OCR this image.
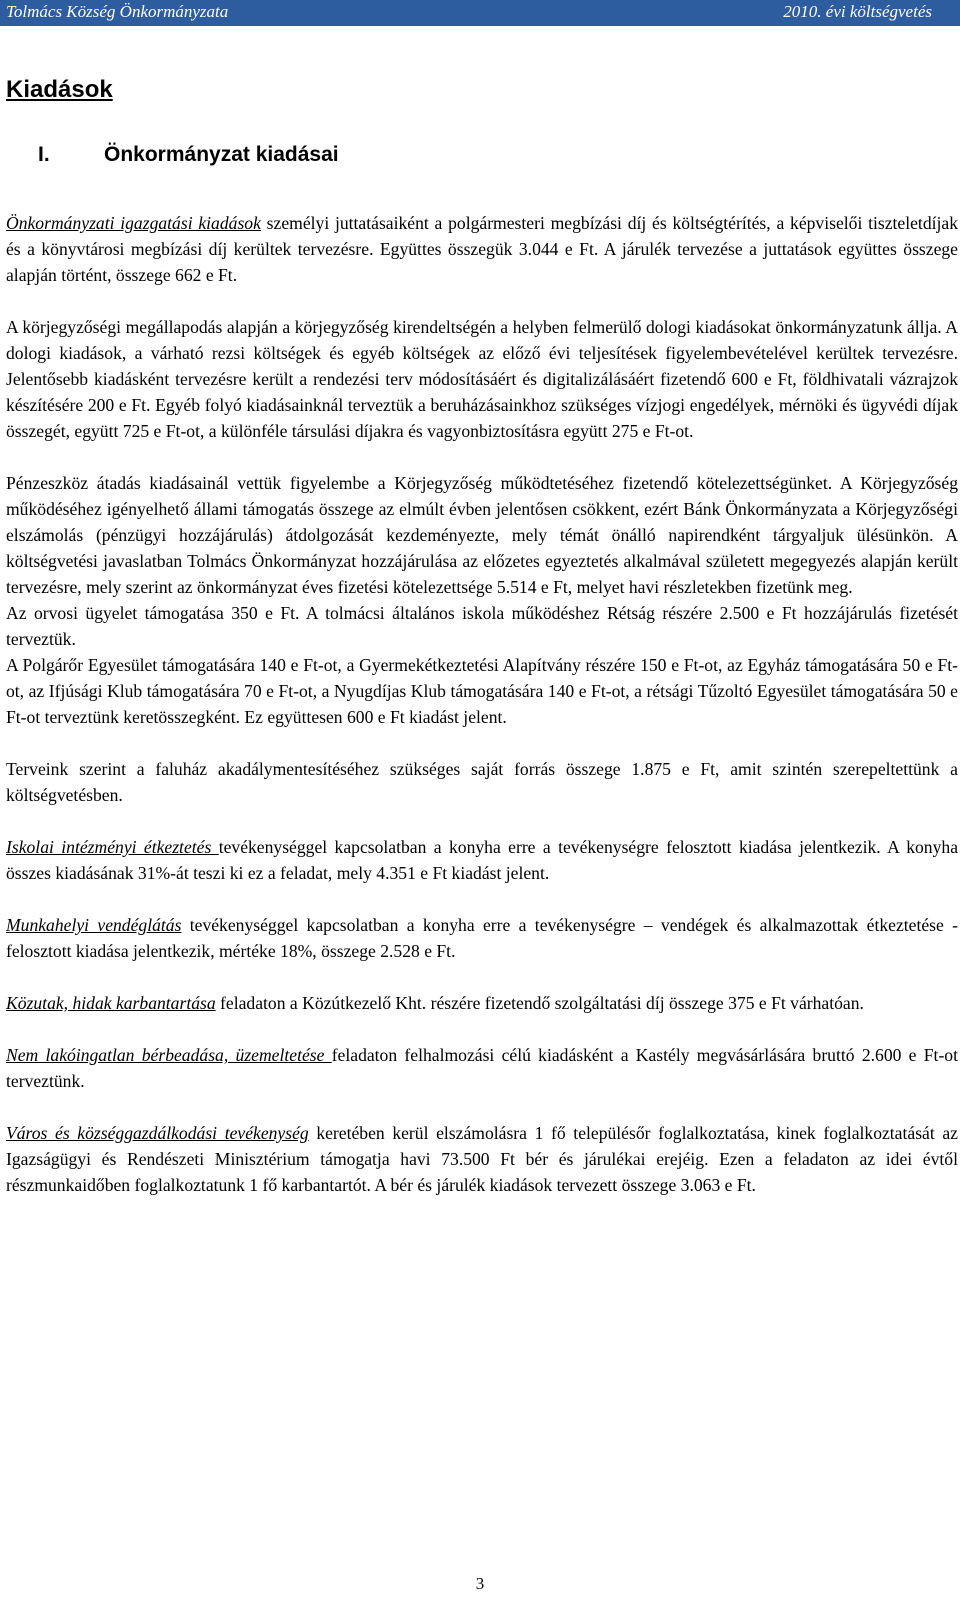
Tolmács Község Önkormányzata	2010. évi költségvetés
Kiadások
I.	Önkormányzat kiadásai

Önkormányzati igazgatási kiadások személyi juttatásaiként a polgármesteri megbízási díj és költségtérítés, a képviselői tiszteletdíjak és a könyvtárosi megbízási díj kerültek tervezésre. Együttes összegük 3.044 e Ft. A járulék tervezése a juttatások együttes összege alapján történt, összege 662 e Ft.

A körjegyzőségi megállapodás alapján a körjegyzőség kirendeltségén a helyben felmerülő dologi kiadásokat önkormányzatunk állja. A dologi kiadások, a várható rezsi költségek és egyéb költségek az előző évi teljesítések figyelembevételével kerültek tervezésre. Jelentősebb kiadásként tervezésre került a rendezési terv módosításáért és digitalizálásáért fizetendő 600 e Ft, földhivatali vázrajzok készítésére 200 e Ft. Egyéb folyó kiadásainknál terveztük a beruházásainkhoz szükséges vízjogi engedélyek, mérnöki és ügyvédi díjak összegét, együtt 725 e Ft-ot, a különféle társulási díjakra és vagyonbiztosításra együtt 275 e Ft-ot.

Pénzeszköz átadás kiadásainál vettük figyelembe a Körjegyzőség működtetéséhez fizetendő kötelezettségünket. A Körjegyzőség működéséhez igényelhető állami támogatás összege az elmúlt évben jelentősen csökkent, ezért Bánk Önkormányzata a Körjegyzőségi elszámolás (pénzügyi hozzájárulás) átdolgozását kezdeményezte, mely témát önálló napirendként tárgyaljuk ülésünkön. A költségvetési javaslatban Tolmács Önkormányzat hozzájárulása az előzetes egyeztetés alkalmával született megegyezés alapján került tervezésre, mely szerint az önkormányzat éves fizetési kötelezettsége 5.514 e Ft, melyet havi részletekben fizetünk meg.

Az orvosi ügyelet támogatása 350 e Ft. A tolmácsi általános iskola működéshez Rétság részére 2.500 e Ft hozzájárulás fizetését terveztük.

A Polgárőr Egyesület támogatására 140 e Ft-ot, a Gyermekétkeztetési Alapítvány részére 150 e Ft-ot, az Egyház támogatására 50 e Ft-ot, az Ifjúsági Klub támogatására 70 e Ft-ot, a Nyugdíjas Klub támogatására 140 e Ft-ot, a rétsági Tűzoltó Egyesület támogatására 50 e Ft-ot terveztünk keretösszegként. Ez együttesen 600 e Ft kiadást jelent.

Terveink szerint a faluház akadálymentesítéséhez szükséges saját forrás összege 1.875 e Ft, amit szintén szerepeltettünk a költségvetésben.

Iskolai intézményi étkeztetés tevékenységgel kapcsolatban a konyha erre a tevékenységre felosztott kiadása jelentkezik. A konyha összes kiadásának 31%-át teszi ki ez a feladat, mely 4.351 e Ft kiadást jelent.

Munkahelyi vendéglátás tevékenységgel kapcsolatban a konyha erre a tevékenységre – vendégek és alkalmazottak étkeztetése - felosztott kiadása jelentkezik, mértéke 18%, összege 2.528 e Ft.

Közutak, hidak karbantartása feladaton a Közútkezelő Kht. részére fizetendő szolgáltatási díj összege 375 e Ft várhatóan.

Nem lakóingatlan bérbeadása, üzemeltetése feladaton felhalmozási célú kiadásként a Kastély megvásárlására bruttó 2.600 e Ft-ot terveztünk.

Város és községgazdálkodási tevékenység keretében kerül elszámolásra 1 fő településőr foglalkoztatása, kinek foglalkoztatását az Igazságügyi és Rendészeti Minisztérium támogatja havi 73.500 Ft bér és járulékai erejéig. Ezen a feladaton az idei évtől részmunkaidőben foglalkoztatunk 1 fő karbantartót. A bér és járulék kiadások tervezett összege 3.063 e Ft.

3
